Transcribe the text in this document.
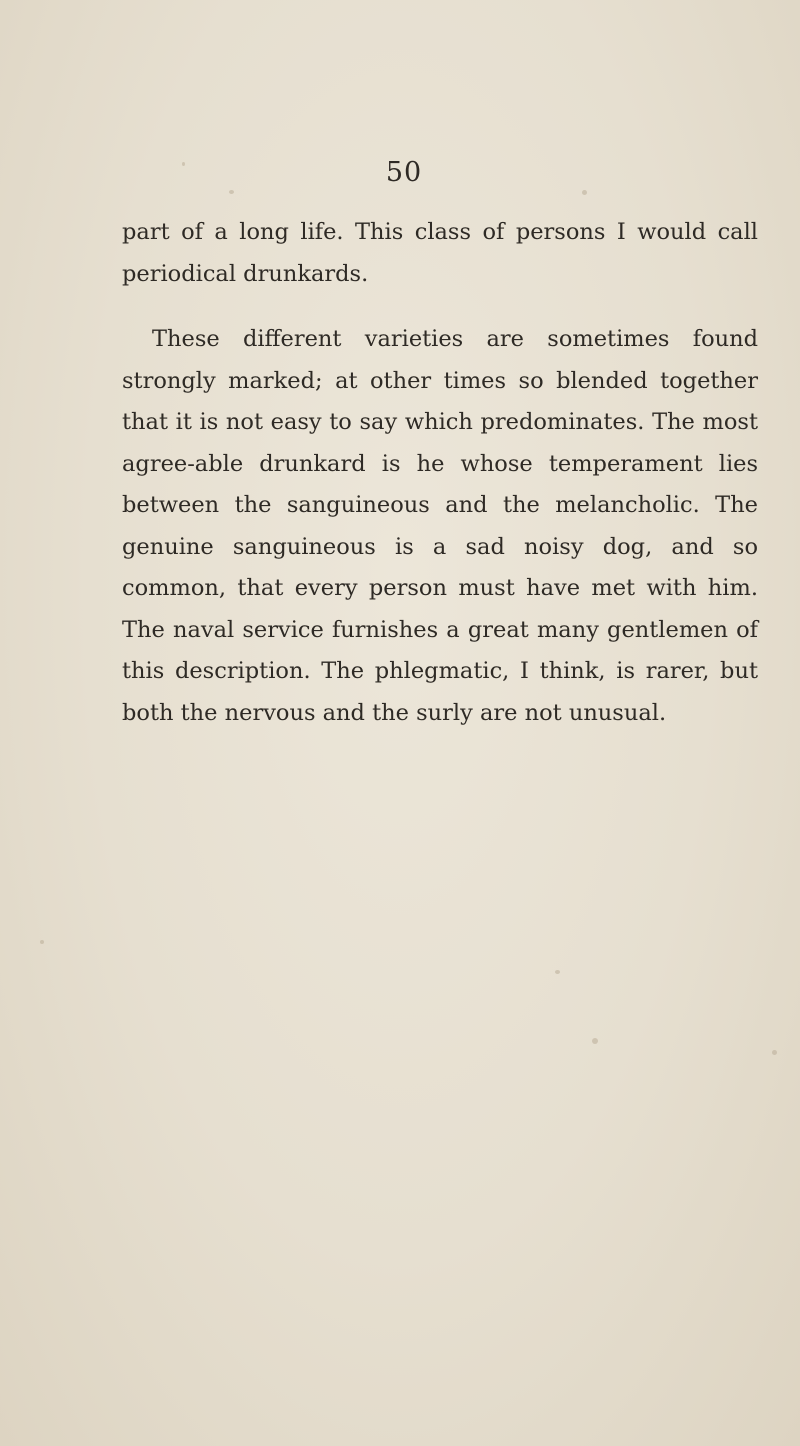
50

part of a long life. This class of persons I would call periodical drunkards.

These different varieties are sometimes found strongly marked; at other times so blended together that it is not easy to say which predominates. The most agree-able drunkard is he whose temperament lies between the sanguineous and the melancholic. The genuine sanguineous is a sad noisy dog, and so common, that every person must have met with him. The naval service furnishes a great many gentlemen of this description. The phlegmatic, I think, is rarer, but both the nervous and the surly are not unusual.
